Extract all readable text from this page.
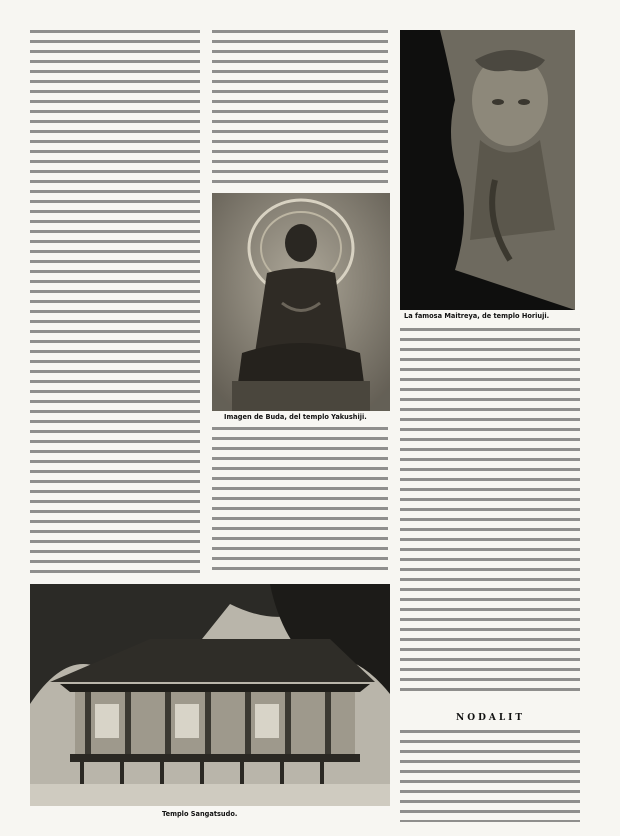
Imagen de Buda, del templo Yakushiji.
La famosa Maitreya, de templo Horiuji.
NODALIT
Templo Sangatsudo.
